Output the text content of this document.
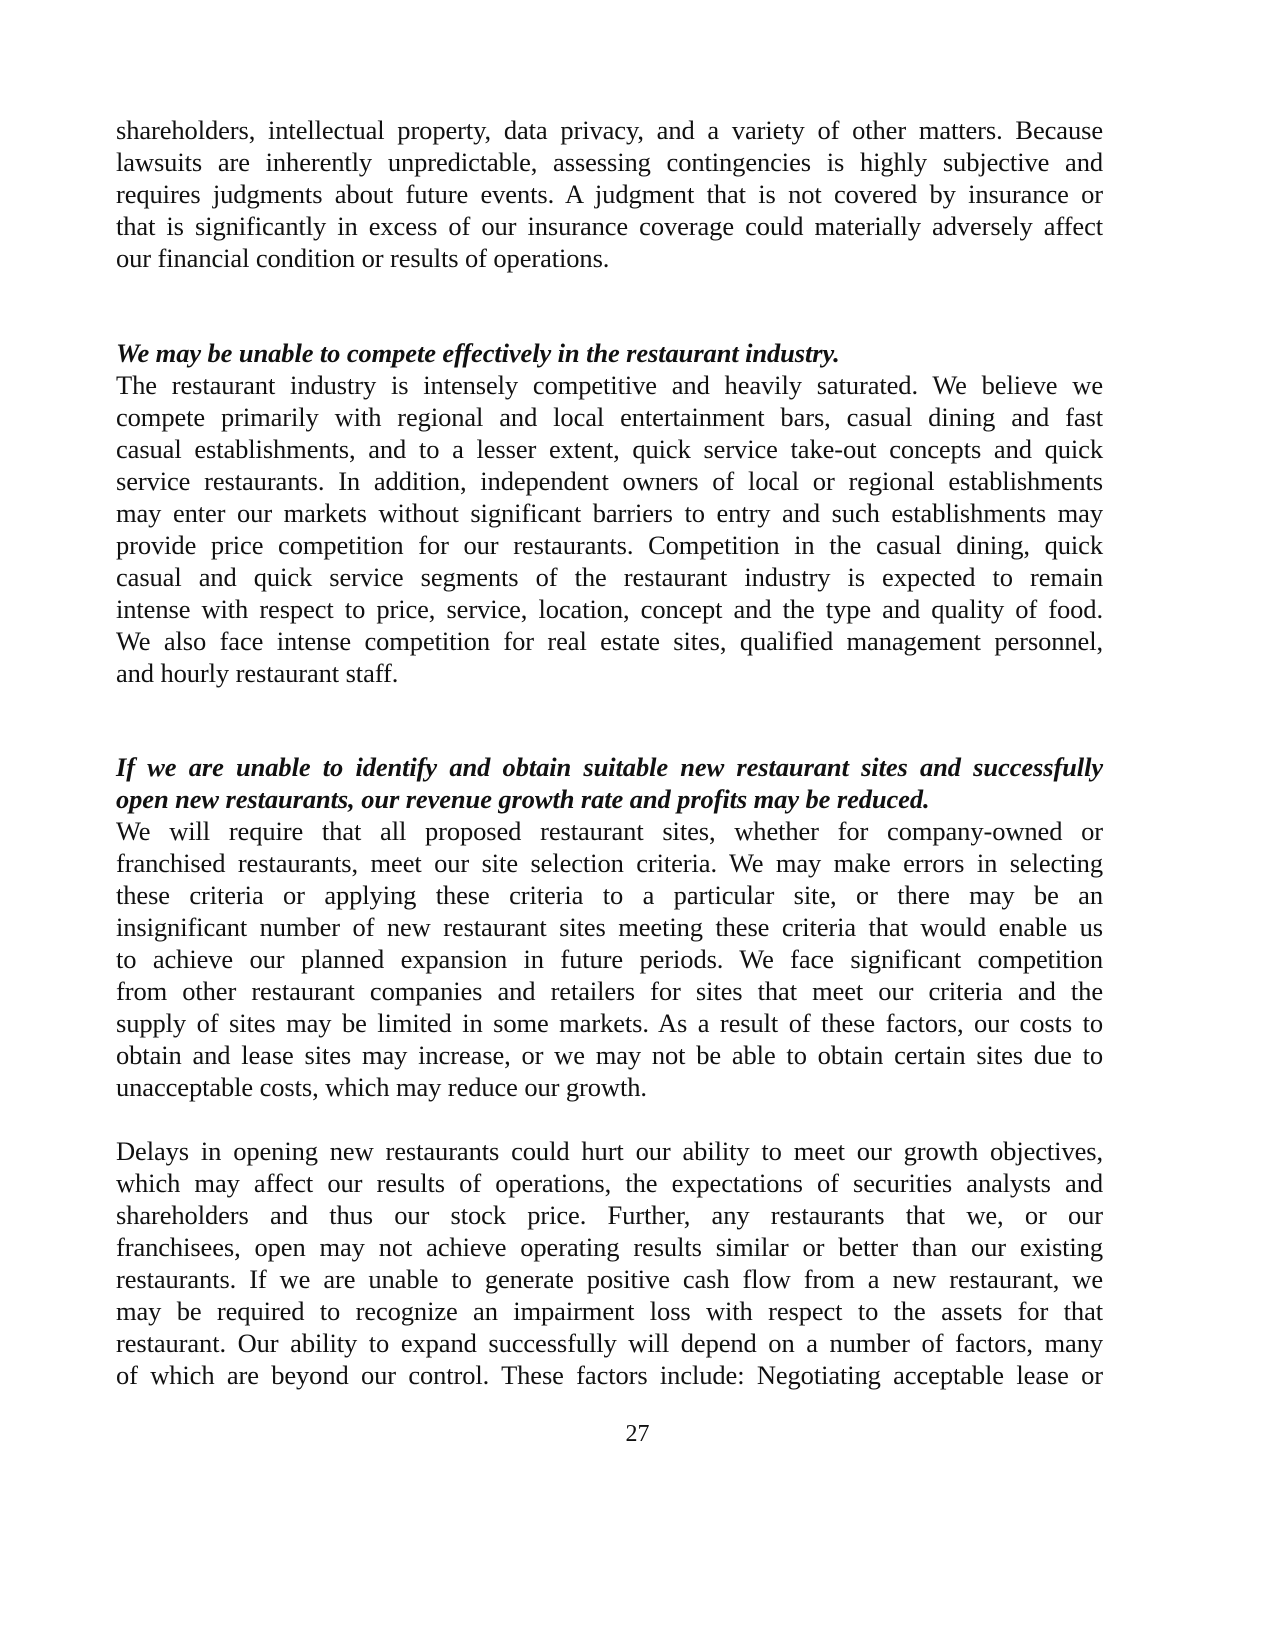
shareholders, intellectual property, data privacy, and a variety of other matters. Because
lawsuits are inherently unpredictable, assessing contingencies is highly subjective and
requires judgments about future events. A judgment that is not covered by insurance or
that is significantly in excess of our insurance coverage could materially adversely affect
our financial condition or results of operations.
We may be unable to compete effectively in the restaurant industry.
The restaurant industry is intensely competitive and heavily saturated. We believe we
compete primarily with regional and local entertainment bars, casual dining and fast
casual establishments, and to a lesser extent, quick service take-out concepts and quick
service restaurants. In addition, independent owners of local or regional establishments
may enter our markets without significant barriers to entry and such establishments may
provide price competition for our restaurants. Competition in the casual dining, quick
casual and quick service segments of the restaurant industry is expected to remain
intense with respect to price, service, location, concept and the type and quality of food.
We also face intense competition for real estate sites, qualified management personnel,
and hourly restaurant staff.
If we are unable to identify and obtain suitable new restaurant sites and successfully
open new restaurants, our revenue growth rate and profits may be reduced.
We will require that all proposed restaurant sites, whether for company-owned or
franchised restaurants, meet our site selection criteria. We may make errors in selecting
these criteria or applying these criteria to a particular site, or there may be an
insignificant number of new restaurant sites meeting these criteria that would enable us
to achieve our planned expansion in future periods. We face significant competition
from other restaurant companies and retailers for sites that meet our criteria and the
supply of sites may be limited in some markets. As a result of these factors, our costs to
obtain and lease sites may increase, or we may not be able to obtain certain sites due to
unacceptable costs, which may reduce our growth.
Delays in opening new restaurants could hurt our ability to meet our growth objectives,
which may affect our results of operations, the expectations of securities analysts and
shareholders and thus our stock price. Further, any restaurants that we, or our
franchisees, open may not achieve operating results similar or better than our existing
restaurants. If we are unable to generate positive cash flow from a new restaurant, we
may be required to recognize an impairment loss with respect to the assets for that
restaurant. Our ability to expand successfully will depend on a number of factors, many
of which are beyond our control. These factors include: Negotiating acceptable lease or
27
